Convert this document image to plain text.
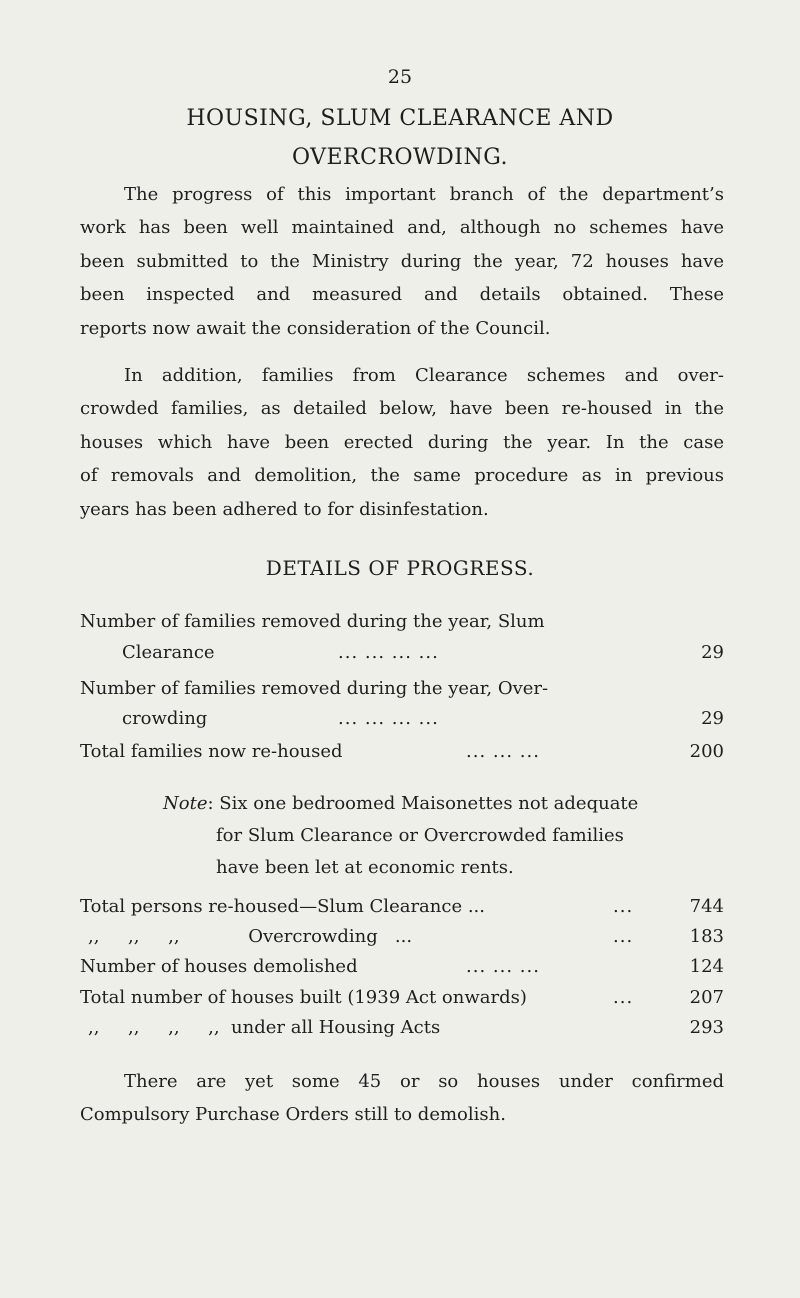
25
HOUSING, SLUM CLEARANCE AND
OVERCROWDING.
The progress of this important branch of the department’s
work has been well maintained and, although no schemes have
been submitted to the Ministry during the year, 72 houses have
been inspected and measured and details obtained. These
reports now await the consideration of the Council.
In addition, families from Clearance schemes and over-
crowded families, as detailed below, have been re-housed in the
houses which have been erected during the year. In the case
of removals and demolition, the same procedure as in previous
years has been adhered to for disinfestation.
DETAILS OF PROGRESS.
Number of families removed during the year, Slum
Clearance	... ... ... ...	29
Number of families removed during the year, Over-
crowding	... ... ... ...	29
Total families now re-housed	... ... ...	200
Note: Six one bedroomed Maisonettes not adequate
for Slum Clearance or Overcrowded families
have been let at economic rents.
Total persons re-housed—Slum Clearance ...	...	744
,,     ,,     ,,            Overcrowding   ...	...	183
Number of houses demolished	... ... ...	124
Total number of houses built (1939 Act onwards)	...	207
,,     ,,     ,,     ,,  under all Housing Acts	293
There are yet some 45 or so houses under confirmed
Compulsory Purchase Orders still to demolish.
